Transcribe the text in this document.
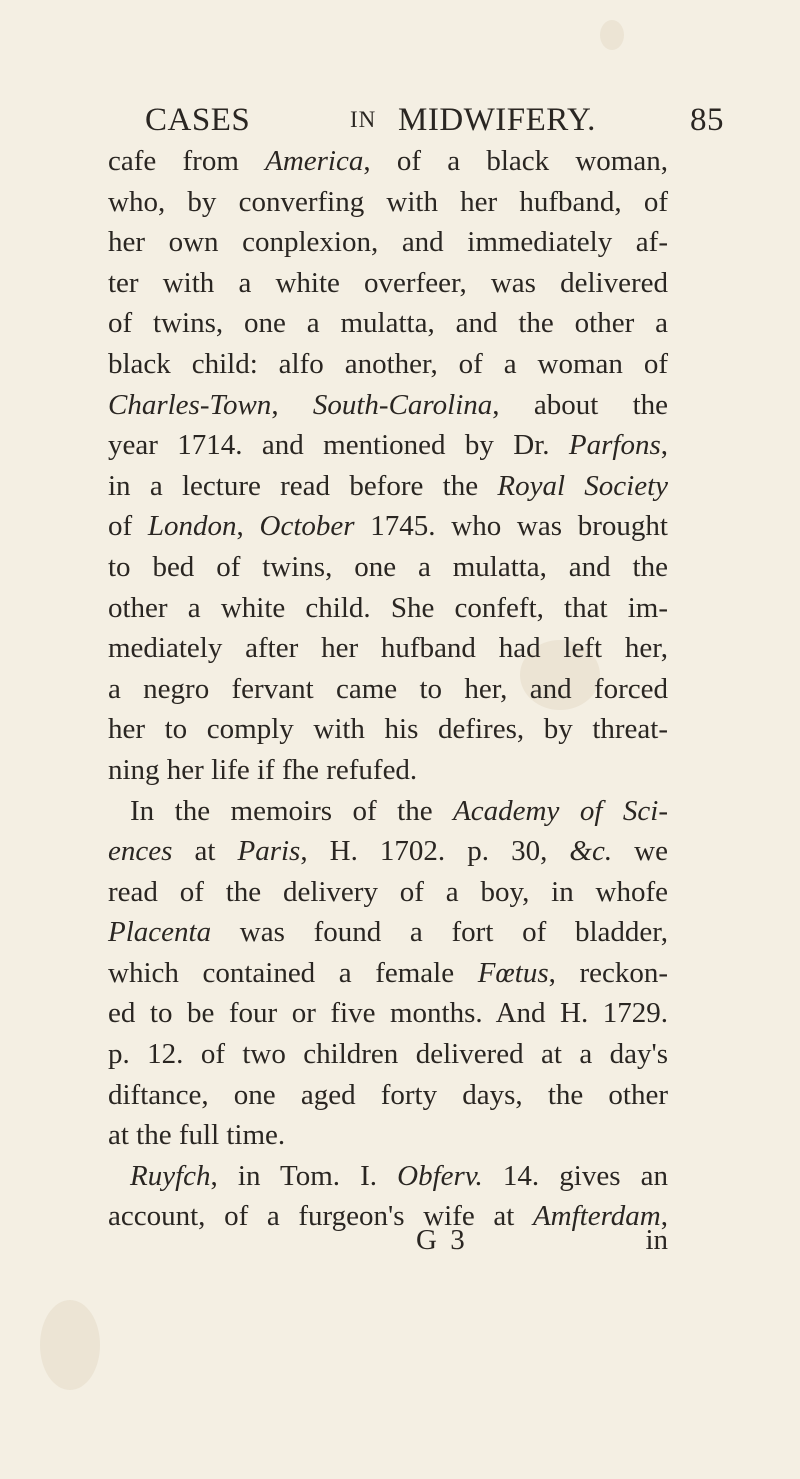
CASES	IN MIDWIFERY.	85
cafe from America, of a black woman,
who, by converfing with her hufband, of
her own conplexion, and immediately af-
ter with a white overfeer, was delivered
of twins, one a mulatta, and the other a
black child: alfo another, of a woman of
Charles-Town, South-Carolina, about the
year 1714. and mentioned by Dr. Parfons,
in a lecture read before the Royal Society
of London, October 1745. who was brought
to bed of twins, one a mulatta, and the
other a white child. She confeft, that im-
mediately after her hufband had left her,
a negro fervant came to her, and forced
her to comply with his defires, by threat-
ning her life if fhe refufed.
In the memoirs of the Academy of Sci-
ences at Paris, H. 1702. p. 30, &c. we
read of the delivery of a boy, in whofe
Placenta was found a fort of bladder,
which contained a female Fœtus, reckon-
ed to be four or five months. And H. 1729.
p. 12. of two children delivered at a day's
diftance, one aged forty days, the other
at the full time.
Ruyfch, in Tom. I. Obferv. 14. gives an
account, of a furgeon's wife at Amfterdam,
G 3	in
